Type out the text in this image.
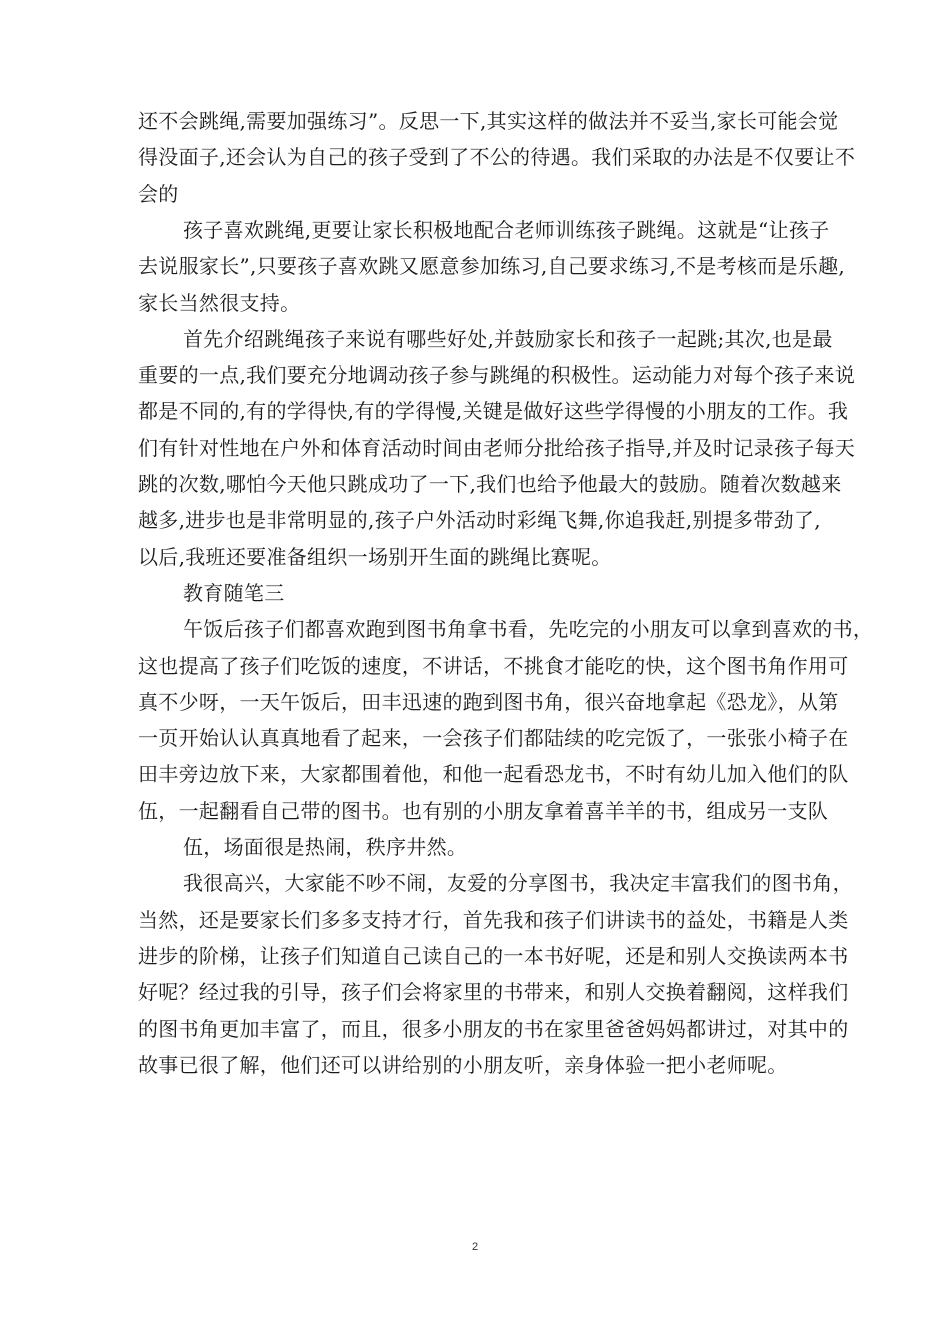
还不会跳绳,需要加强练习”。反思一下,其实这样的做法并不妥当,家长可能会觉
得没面子,还会认为自己的孩子受到了不公的待遇。我们采取的办法是不仅要让不
会的
孩子喜欢跳绳,更要让家长积极地配合老师训练孩子跳绳。这就是“让孩子
去说服家长”,只要孩子喜欢跳又愿意参加练习,自己要求练习,不是考核而是乐趣,
家长当然很支持。
首先介绍跳绳孩子来说有哪些好处,并鼓励家长和孩子一起跳;其次,也是最
重要的一点,我们要充分地调动孩子参与跳绳的积极性。运动能力对每个孩子来说
都是不同的,有的学得快,有的学得慢,关键是做好这些学得慢的小朋友的工作。我
们有针对性地在户外和体育活动时间由老师分批给孩子指导,并及时记录孩子每天
跳的次数,哪怕今天他只跳成功了一下,我们也给予他最大的鼓励。随着次数越来
越多,进步也是非常明显的,孩子户外活动时彩绳飞舞,你追我赶,别提多带劲了,
以后,我班还要准备组织一场别开生面的跳绳比赛呢。
教育随笔三
午饭后孩子们都喜欢跑到图书角拿书看，先吃完的小朋友可以拿到喜欢的书，
这也提高了孩子们吃饭的速度，不讲话，不挑食才能吃的快，这个图书角作用可
真不少呀，一天午饭后，田丰迅速的跑到图书角，很兴奋地拿起《恐龙》，从第
一页开始认认真真地看了起来，一会孩子们都陆续的吃完饭了，一张张小椅子在
田丰旁边放下来，大家都围着他，和他一起看恐龙书，不时有幼儿加入他们的队
伍，一起翻看自己带的图书。也有别的小朋友拿着喜羊羊的书，组成另一支队
伍，场面很是热闹，秩序井然。
我很高兴，大家能不吵不闹，友爱的分享图书，我决定丰富我们的图书角，
当然，还是要家长们多多支持才行，首先我和孩子们讲读书的益处，书籍是人类
进步的阶梯，让孩子们知道自己读自己的一本书好呢，还是和别人交换读两本书
好呢？经过我的引导，孩子们会将家里的书带来，和别人交换着翻阅，这样我们
的图书角更加丰富了，而且，很多小朋友的书在家里爸爸妈妈都讲过，对其中的
故事已很了解，他们还可以讲给别的小朋友听，亲身体验一把小老师呢。
2
